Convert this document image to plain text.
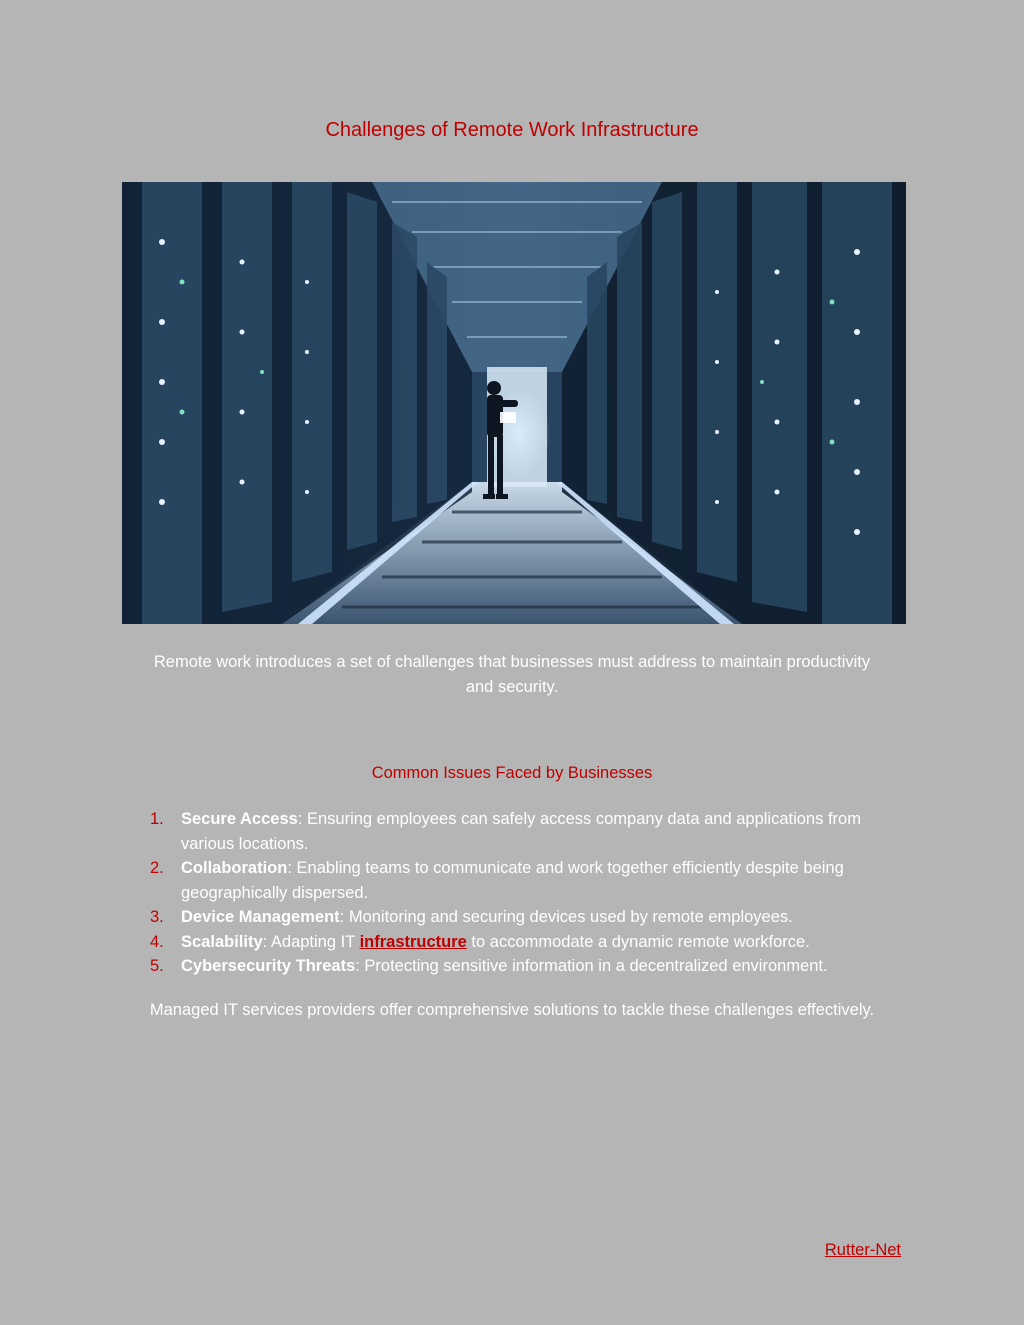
Challenges of Remote Work Infrastructure

Remote work introduces a set of challenges that businesses must address to maintain productivity and security.

Common Issues Faced by Businesses
1. Secure Access: Ensuring employees can safely access company data and applications from various locations.
2. Collaboration: Enabling teams to communicate and work together efficiently despite being geographically dispersed.
3. Device Management: Monitoring and securing devices used by remote employees.
4. Scalability: Adapting IT infrastructure to accommodate a dynamic remote workforce.
5. Cybersecurity Threats: Protecting sensitive information in a decentralized environment.

Managed IT services providers offer comprehensive solutions to tackle these challenges effectively.

Rutter-Net
